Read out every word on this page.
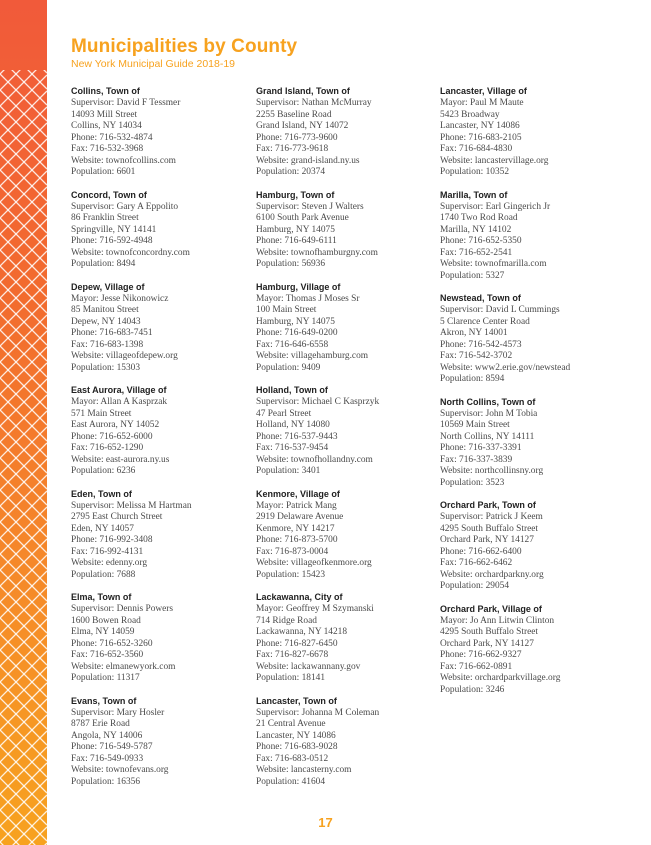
Municipalities by County

New York Municipal Guide 2018-19

Collins, Town of

Supervisor: David F Tessmer

14093 Mill Street

Collins, NY 14034

Phone: 716-532-4874

Fax: 716-532-3968

Website: townofcollins.com

Population: 6601

Concord, Town of

Supervisor: Gary A Eppolito

86 Franklin Street

Springville, NY 14141

Phone: 716-592-4948

Website: townofconcordny.com

Population: 8494

Depew, Village of

Mayor: Jesse Nikonowicz

85 Manitou Street

Depew, NY 14043

Phone: 716-683-7451

Fax: 716-683-1398

Website: villageofdepew.org

Population: 15303

East Aurora, Village of

Mayor: Allan A Kasprzak

571 Main Street

East Aurora, NY 14052

Phone: 716-652-6000

Fax: 716-652-1290

Website: east-aurora.ny.us

Population: 6236

Eden, Town of

Supervisor: Melissa M Hartman

2795 East Church Street

Eden, NY 14057

Phone: 716-992-3408

Fax: 716-992-4131

Website: edenny.org

Population: 7688

Elma, Town of

Supervisor: Dennis Powers

1600 Bowen Road

Elma, NY 14059

Phone: 716-652-3260

Fax: 716-652-3560

Website: elmanewyork.com

Population: 11317

Evans, Town of

Supervisor: Mary Hosler

8787 Erie Road

Angola, NY 14006

Phone: 716-549-5787

Fax: 716-549-0933

Website: townofevans.org

Population: 16356

Grand Island, Town of

Supervisor: Nathan McMurray

2255 Baseline Road

Grand Island, NY 14072

Phone: 716-773-9600

Fax: 716-773-9618

Website: grand-island.ny.us

Population: 20374

Hamburg, Town of

Supervisor: Steven J Walters

6100 South Park Avenue

Hamburg, NY 14075

Phone: 716-649-6111

Website: townofhamburgny.com

Population: 56936

Hamburg, Village of

Mayor: Thomas J Moses Sr

100 Main Street

Hamburg, NY 14075

Phone: 716-649-0200

Fax: 716-646-6558

Website: villagehamburg.com

Population: 9409

Holland, Town of

Supervisor: Michael C Kasprzyk

47 Pearl Street

Holland, NY 14080

Phone: 716-537-9443

Fax: 716-537-9454

Website: townofhollandny.com

Population: 3401

Kenmore, Village of

Mayor: Patrick Mang

2919 Delaware Avenue

Kenmore, NY 14217

Phone: 716-873-5700

Fax: 716-873-0004

Website: villageofkenmore.org

Population: 15423

Lackawanna, City of

Mayor: Geoffrey M Szymanski

714 Ridge Road

Lackawanna, NY 14218

Phone: 716-827-6450

Fax: 716-827-6678

Website: lackawannany.gov

Population: 18141

Lancaster, Town of

Supervisor: Johanna M Coleman

21 Central Avenue

Lancaster, NY 14086

Phone: 716-683-9028

Fax: 716-683-0512

Website: lancasterny.com

Population: 41604

Lancaster, Village of

Mayor: Paul M Maute

5423 Broadway

Lancaster, NY 14086

Phone: 716-683-2105

Fax: 716-684-4830

Website: lancastervillage.org

Population: 10352

Marilla, Town of

Supervisor: Earl Gingerich Jr

1740 Two Rod Road

Marilla, NY 14102

Phone: 716-652-5350

Fax: 716-652-2541

Website: townofmarilla.com

Population: 5327

Newstead, Town of

Supervisor: David L Cummings

5 Clarence Center Road

Akron, NY 14001

Phone: 716-542-4573

Fax: 716-542-3702

Website: www2.erie.gov/newstead

Population: 8594

North Collins, Town of

Supervisor: John M Tobia

10569 Main Street

North Collins, NY 14111

Phone: 716-337-3391

Fax: 716-337-3839

Website: northcollinsny.org

Population: 3523

Orchard Park, Town of

Supervisor: Patrick J Keem

4295 South Buffalo Street

Orchard Park, NY 14127

Phone: 716-662-6400

Fax: 716-662-6462

Website: orchardparkny.org

Population: 29054

Orchard Park, Village of

Mayor: Jo Ann Litwin Clinton

4295 South Buffalo Street

Orchard Park, NY 14127

Phone: 716-662-9327

Fax: 716-662-0891

Website: orchardparkvillage.org

Population: 3246

17
